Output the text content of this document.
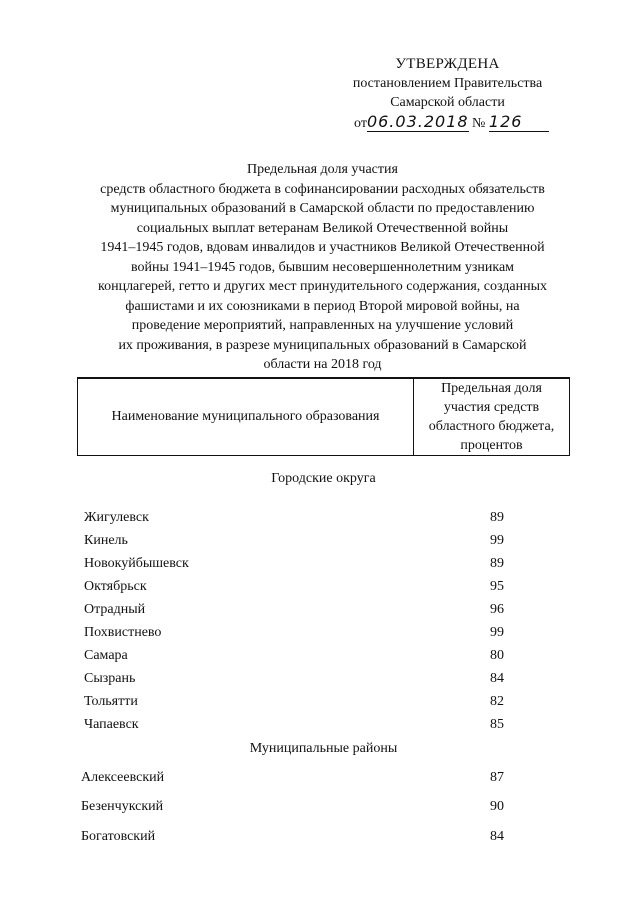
УТВЕРЖДЕНА
постановлением Правительства
Самарской области
от06.03.2018 № 126
Предельная доля участия
средств областного бюджета в софинансировании расходных обязательств
муниципальных образований в Самарской области по предоставлению
социальных выплат ветеранам Великой Отечественной войны
1941–1945 годов, вдовам инвалидов и участников Великой Отечественной
войны 1941–1945 годов, бывшим несовершеннолетним узникам
концлагерей, гетто и других мест принудительного содержания, созданных
фашистами и их союзниками в период Второй мировой войны, на
проведение мероприятий, направленных на улучшение условий
их проживания, в разрезе муниципальных образований в Самарской
области на 2018 год
Наименование муниципального образования	
Предельная доля
участия средств
областного бюджета,
процентов
Городские округа
Жигулевск	89
Кинель	99
Новокуйбышевск	89
Октябрьск	95
Отрадный	96
Похвистнево	99
Самара	80
Сызрань	84
Тольятти	82
Чапаевск	85
Муниципальные районы
Алексеевский	87
Безенчукский	90
Богатовский	84
